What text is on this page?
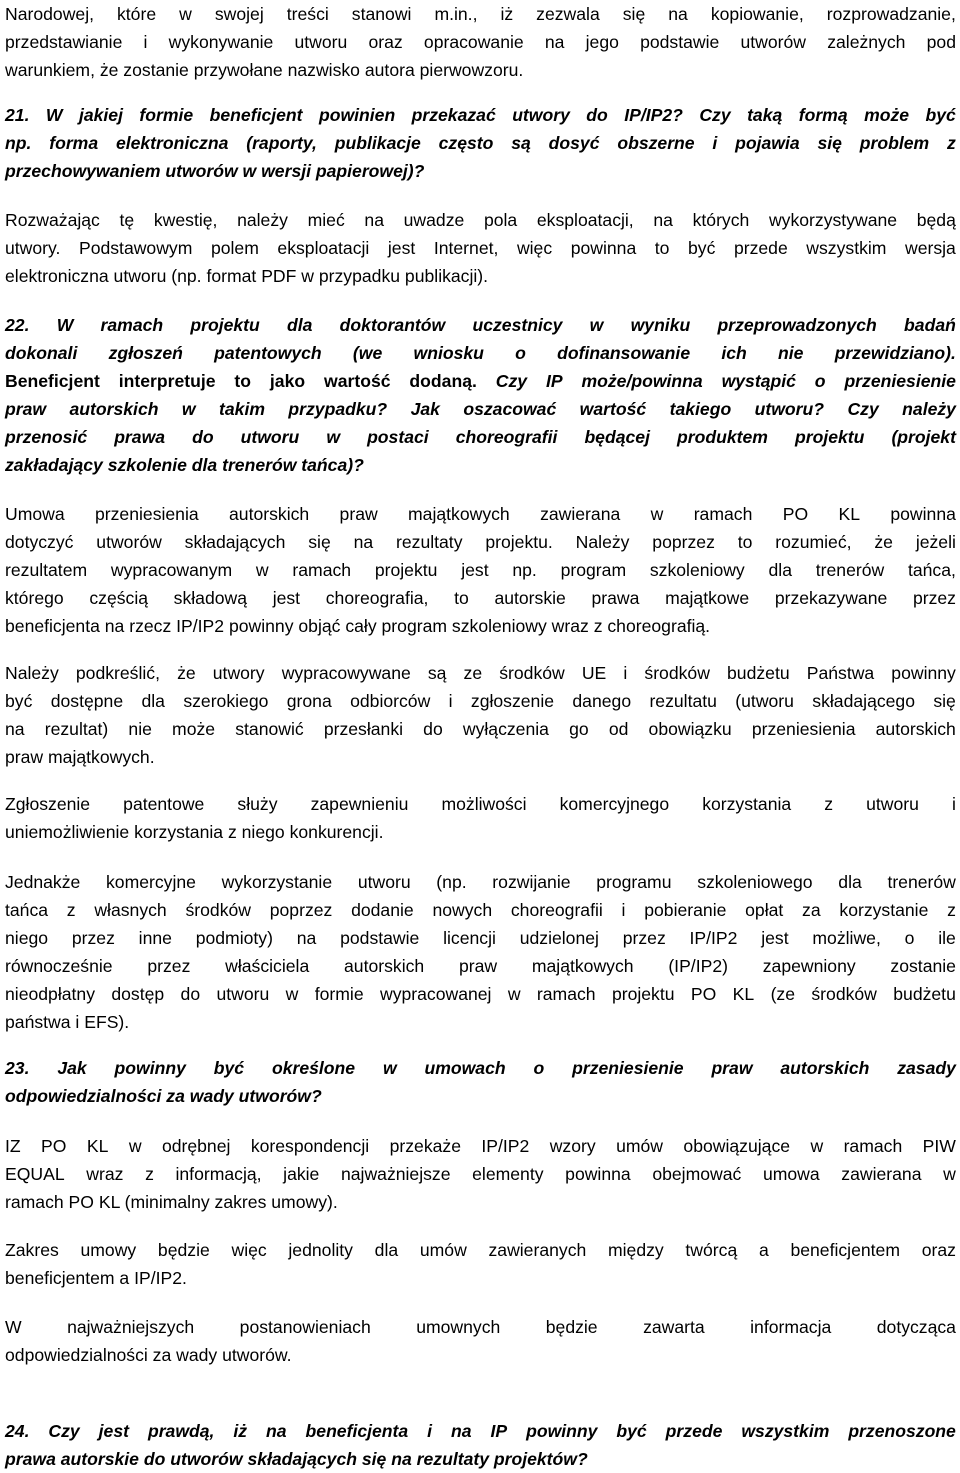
Narodowej, które w swojej treści stanowi m.in., iż zezwala się na kopiowanie, rozprowadzanie,
przedstawianie i wykonywanie utworu oraz opracowanie na jego podstawie utworów zależnych pod
warunkiem, że zostanie przywołane nazwisko autora pierwowzoru.
21. W jakiej formie beneficjent powinien przekazać utwory do IP/IP2? Czy taką formą może być
np. forma elektroniczna (raporty, publikacje często są dosyć obszerne i pojawia się problem z
przechowywaniem utworów w wersji papierowej)?
Rozważając tę kwestię, należy mieć na uwadze pola eksploatacji, na których wykorzystywane będą
utwory. Podstawowym polem eksploatacji jest Internet, więc powinna to być przede wszystkim wersja
elektroniczna utworu (np. format PDF w przypadku publikacji).
22. W ramach projektu dla doktorantów uczestnicy w wyniku przeprowadzonych badań
dokonali zgłoszeń patentowych (we wniosku o dofinansowanie ich nie przewidziano).
Beneficjent interpretuje to jako wartość dodaną. Czy IP może/powinna wystąpić o przeniesienie
praw autorskich w takim przypadku? Jak oszacować wartość takiego utworu? Czy należy
przenosić prawa do utworu w postaci choreografii będącej produktem projektu (projekt
zakładający szkolenie dla trenerów tańca)?
Umowa przeniesienia autorskich praw majątkowych zawierana w ramach PO KL powinna
dotyczyć utworów składających się na rezultaty projektu. Należy poprzez to rozumieć, że jeżeli
rezultatem wypracowanym w ramach projektu jest np. program szkoleniowy dla trenerów tańca,
którego częścią składową jest choreografia, to autorskie prawa majątkowe przekazywane przez
beneficjenta na rzecz IP/IP2 powinny objąć cały program szkoleniowy wraz z choreografią.
Należy podkreślić, że utwory wypracowywane są ze środków UE i środków budżetu Państwa powinny
być dostępne dla szerokiego grona odbiorców i zgłoszenie danego rezultatu (utworu składającego się
na rezultat) nie może stanowić przesłanki do wyłączenia go od obowiązku przeniesienia autorskich
praw majątkowych.
Zgłoszenie patentowe służy zapewnieniu możliwości komercyjnego korzystania z utworu i
uniemożliwienie korzystania z niego konkurencji.
Jednakże komercyjne wykorzystanie utworu (np. rozwijanie programu szkoleniowego dla trenerów
tańca z własnych środków poprzez dodanie nowych choreografii i pobieranie opłat za korzystanie z
niego przez inne podmioty) na podstawie licencji udzielonej przez IP/IP2 jest możliwe, o ile
równocześnie przez właściciela autorskich praw majątkowych (IP/IP2) zapewniony zostanie
nieodpłatny dostęp do utworu w formie wypracowanej w ramach projektu PO KL (ze środków budżetu
państwa i EFS).
23. Jak powinny być określone w umowach o przeniesienie praw autorskich zasady
odpowiedzialności za wady utworów?
IZ PO KL w odrębnej korespondencji przekaże IP/IP2 wzory umów obowiązujące w ramach PIW
EQUAL wraz z informacją, jakie najważniejsze elementy powinna obejmować umowa zawierana w
ramach PO KL (minimalny zakres umowy).
Zakres umowy będzie więc jednolity dla umów zawieranych między twórcą a beneficjentem oraz
beneficjentem a IP/IP2.
W	najważniejszych	postanowieniach	umownych	będzie	zawarta	informacja	dotycząca
odpowiedzialności za wady utworów.
24. Czy jest prawdą, iż na beneficjenta i na IP powinny być przede wszystkim przenoszone
prawa autorskie do utworów składających się na rezultaty projektów?
